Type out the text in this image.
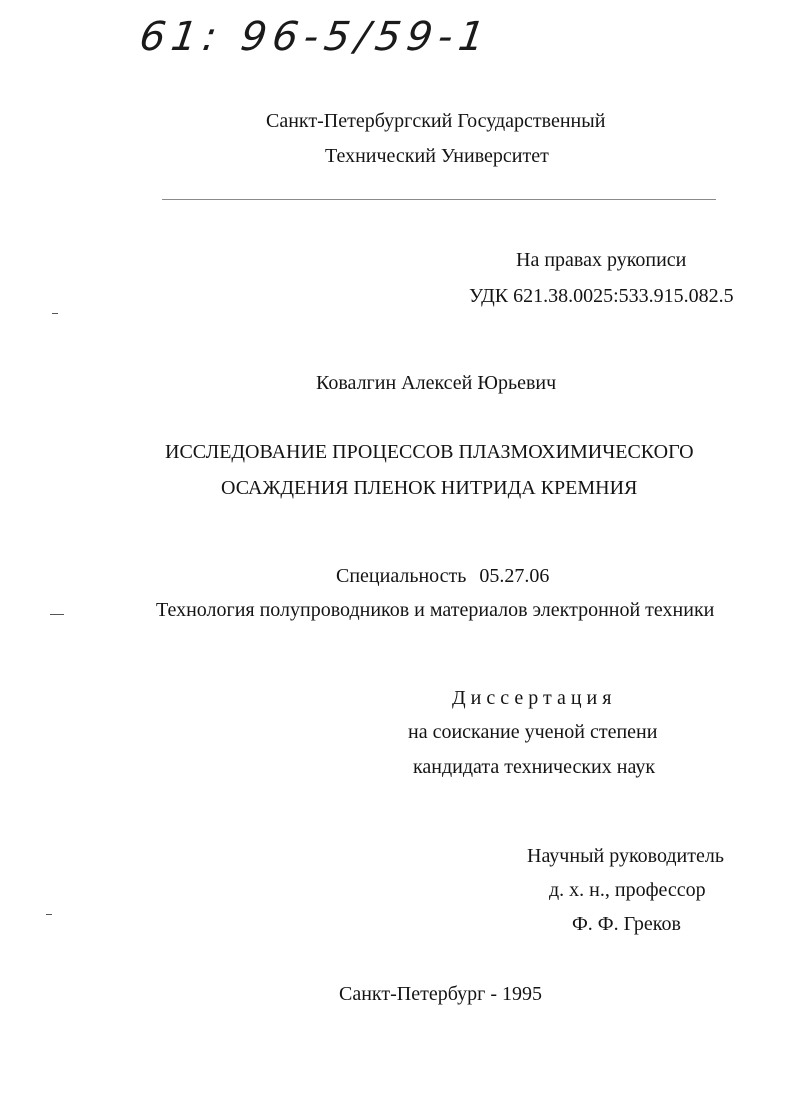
61: 96-5/59-1
Санкт-Петербургский Государственный
Технический Университет
На правах рукописи
УДК 621.38.0025:533.915.082.5
Ковалгин Алексей Юрьевич
ИССЛЕДОВАНИЕ ПРОЦЕССОВ ПЛАЗМОХИМИЧЕСКОГО
ОСАЖДЕНИЯ ПЛЕНОК НИТРИДА КРЕМНИЯ
Специальность 05.27.06
Технология полупроводников и материалов электронной техники
Диссертация
на соискание ученой степени
кандидата технических наук
Научный руководитель
д. х. н., профессор
Ф. Ф. Греков
Санкт-Петербург - 1995
